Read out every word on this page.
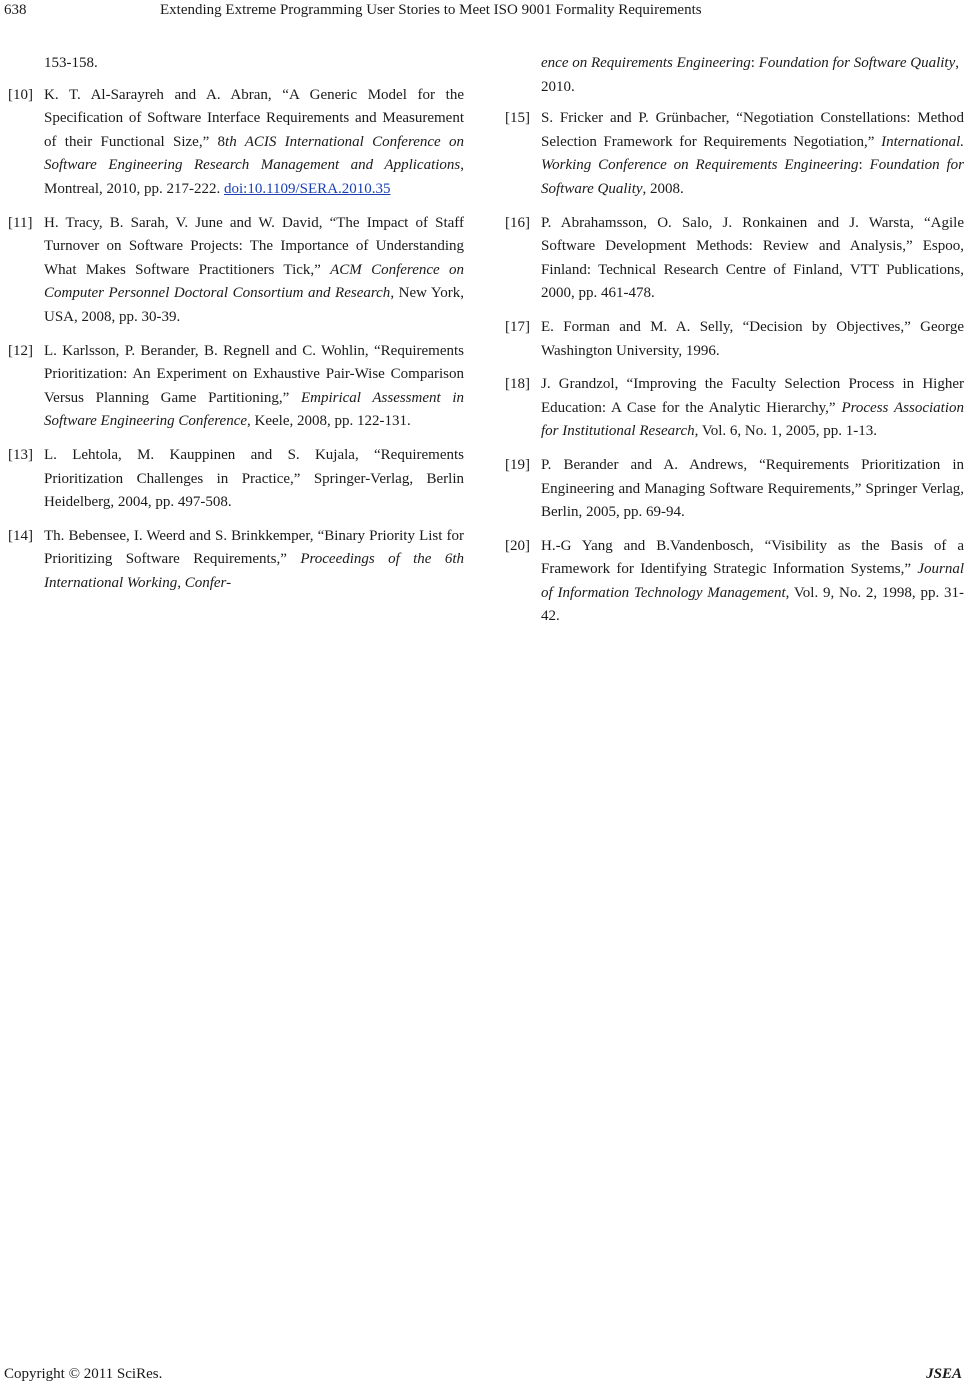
638	Extending Extreme Programming User Stories to Meet ISO 9001 Formality Requirements
153-158.
[10] K. T. Al-Sarayreh and A. Abran, “A Generic Model for the Specification of Software Interface Requirements and Measurement of their Functional Size,” 8th ACIS International Conference on Software Engineering Research Management and Applications, Montreal, 2010, pp. 217-222. doi:10.1109/SERA.2010.35
[11] H. Tracy, B. Sarah, V. June and W. David, “The Impact of Staff Turnover on Software Projects: The Importance of Understanding What Makes Software Practitioners Tick,” ACM Conference on Computer Personnel Doctoral Consortium and Research, New York, USA, 2008, pp. 30-39.
[12] L. Karlsson, P. Berander, B. Regnell and C. Wohlin, “Requirements Prioritization: An Experiment on Exhaustive Pair-Wise Comparison Versus Planning Game Partitioning,” Empirical Assessment in Software Engineering Conference, Keele, 2008, pp. 122-131.
[13] L. Lehtola, M. Kauppinen and S. Kujala, “Requirements Prioritization Challenges in Practice,” Springer-Verlag, Berlin Heidelberg, 2004, pp. 497-508.
[14] Th. Bebensee, I. Weerd and S. Brinkkemper, “Binary Priority List for Prioritizing Software Requirements,” Proceedings of the 6th International Working, Confer-
ence on Requirements Engineering: Foundation for Software Quality, 2010.
[15] S. Fricker and P. Grünbacher, “Negotiation Constellations: Method Selection Framework for Requirements Negotiation,” International. Working Conference on Requirements Engineering: Foundation for Software Quality, 2008.
[16] P. Abrahamsson, O. Salo, J. Ronkainen and J. Warsta, “Agile Software Development Methods: Review and Analysis,” Espoo, Finland: Technical Research Centre of Finland, VTT Publications, 2000, pp. 461-478.
[17] E. Forman and M. A. Selly, “Decision by Objectives,” George Washington University, 1996.
[18] J. Grandzol, “Improving the Faculty Selection Process in Higher Education: A Case for the Analytic Hierarchy,” Process Association for Institutional Research, Vol. 6, No. 1, 2005, pp. 1-13.
[19] P. Berander and A. Andrews, “Requirements Prioritization in Engineering and Managing Software Requirements,” Springer Verlag, Berlin, 2005, pp. 69-94.
[20] H.-G Yang and B.Vandenbosch, “Visibility as the Basis of a Framework for Identifying Strategic Information Systems,” Journal of Information Technology Management, Vol. 9, No. 2, 1998, pp. 31-42.
Copyright © 2011 SciRes.	JSEA
